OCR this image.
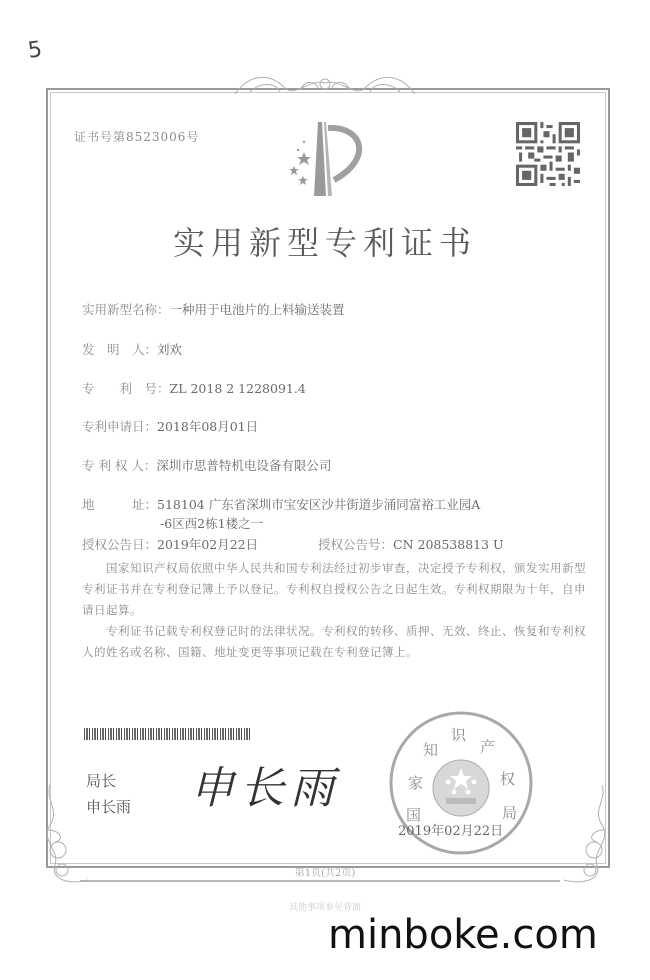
5
证书号第8523006号
实用新型专利证书
实用新型名称：一种用于电池片的上料输送装置
发　明　人：刘欢
专　　利　号：ZL 2018 2 1228091.4
专利申请日：2018年08月01日
专 利 权 人：深圳市思普特机电设备有限公司
地　　　址：518104 广东省深圳市宝安区沙井街道步涌同富裕工业园A
-6区西2栋1楼之一
授权公告日：2019年02月22日	授权公告号：CN 208538813 U
　　国家知识产权局依照中华人民共和国专利法经过初步审查，决定授予专利权，颁发实用新型专利证书并在专利登记簿上予以登记。专利权自授权公告之日起生效。专利权期限为十年，自申请日起算。
　　专利证书记载专利权登记时的法律状况。专利权的转移、质押、无效、终止、恢复和专利权人的姓名或名称、国籍、地址变更等事项记载在专利登记簿上。
局长
申长雨 申长雨	家
知
识
产
权
国	局
2019年02月22日
第1页(共2页)
其他事项参见背面
minboke.com
